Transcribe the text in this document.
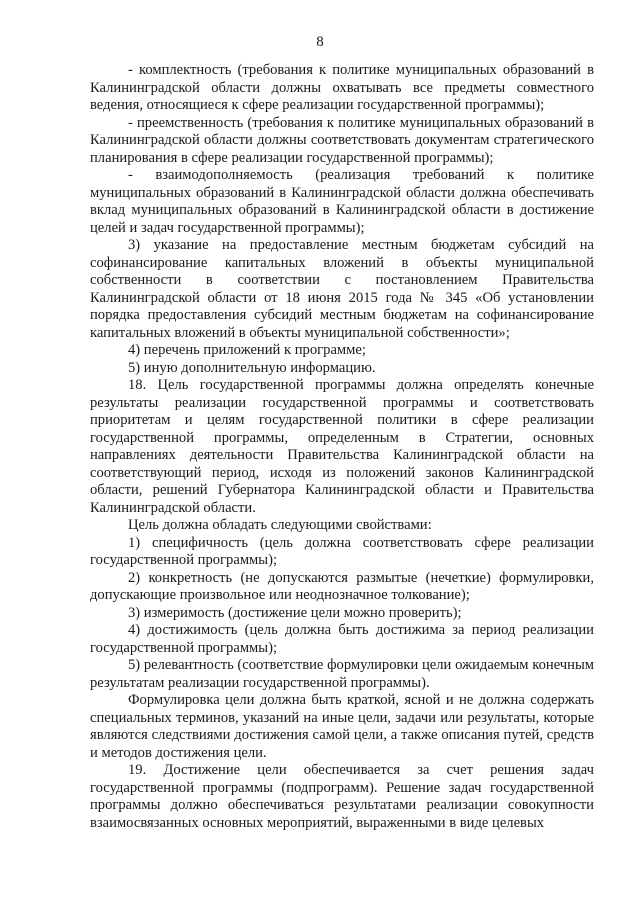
8

- комплектность (требования к политике муниципальных образований в Калининградской области должны охватывать все предметы совместного ведения, относящиеся к сфере реализации государственной программы);

- преемственность (требования к политике муниципальных образований в Калининградской области должны соответствовать документам стратегического планирования в сфере реализации государственной программы);

- взаимодополняемость (реализация требований к политике муниципальных образований в Калининградской области должна обеспечивать вклад муниципальных образований в Калининградской области в достижение целей и задач государственной программы);

3) указание на предоставление местным бюджетам субсидий на софинансирование капитальных вложений в объекты муниципальной собственности в соответствии с постановлением Правительства Калининградской области от 18 июня 2015 года № 345 «Об установлении порядка предоставления субсидий местным бюджетам на софинансирование капитальных вложений в объекты муниципальной собственности»;

4) перечень приложений к программе;

5) иную дополнительную информацию.

18. Цель государственной программы должна определять конечные результаты реализации государственной программы и соответствовать приоритетам и целям государственной политики в сфере реализации государственной программы, определенным в Стратегии, основных направлениях деятельности Правительства Калининградской области на соответствующий период, исходя из положений законов Калининградской области, решений Губернатора Калининградской области и Правительства Калининградской области.

Цель должна обладать следующими свойствами:

1) специфичность (цель должна соответствовать сфере реализации государственной программы);

2) конкретность (не допускаются размытые (нечеткие) формулировки, допускающие произвольное или неоднозначное толкование);

3) измеримость (достижение цели можно проверить);

4) достижимость (цель должна быть достижима за период реализации государственной программы);

5) релевантность (соответствие формулировки цели ожидаемым конечным результатам реализации государственной программы).

Формулировка цели должна быть краткой, ясной и не должна содержать специальных терминов, указаний на иные цели, задачи или результаты, которые являются следствиями достижения самой цели, а также описания путей, средств и методов достижения цели.

19. Достижение цели обеспечивается за счет решения задач государственной программы (подпрограмм). Решение задач государственной программы должно обеспечиваться результатами реализации совокупности взаимосвязанных основных мероприятий, выраженными в виде целевых
